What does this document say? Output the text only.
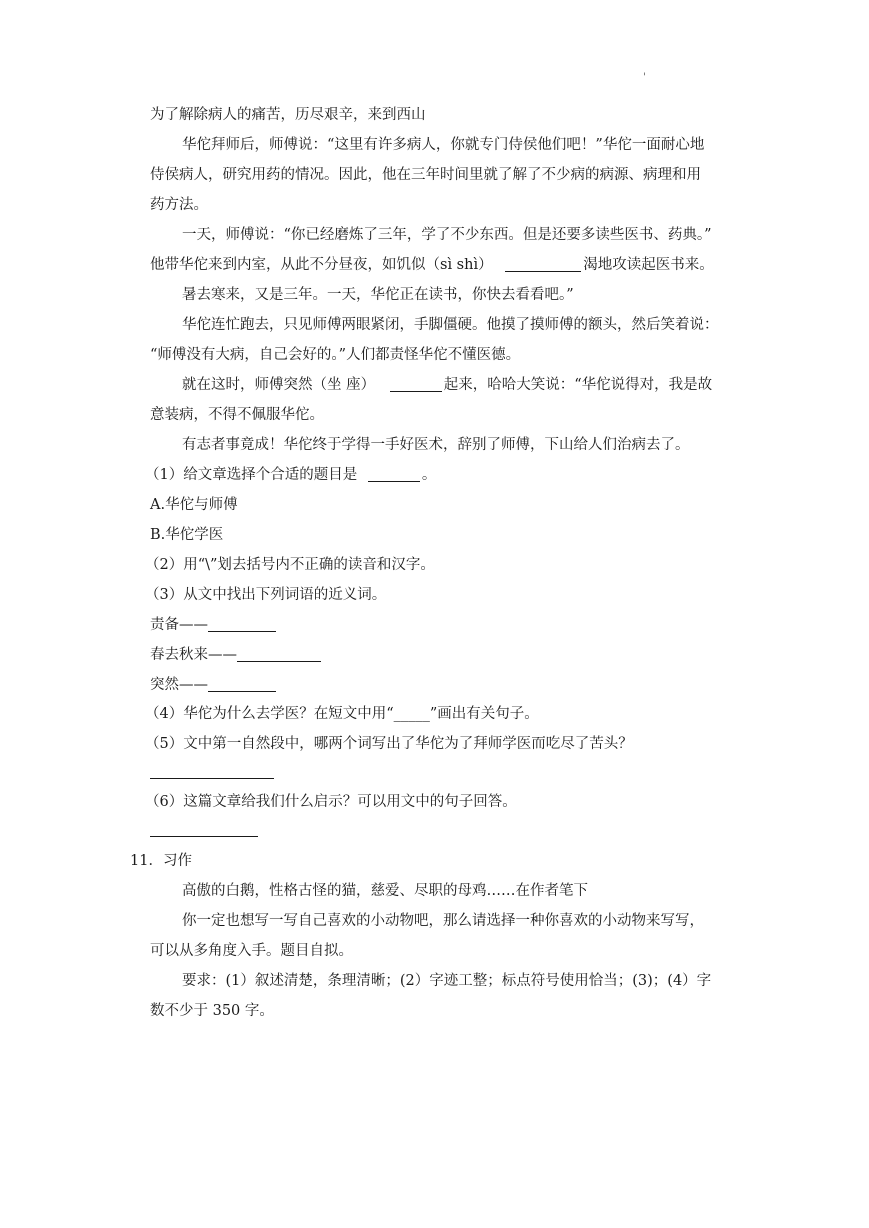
'
为了解除病人的痛苦，历尽艰辛，来到西山
华佗拜师后，师傅说：“这里有许多病人，你就专门侍侯他们吧！”华佗一面耐心地
侍侯病人，研究用药的情况。因此，他在三年时间里就了解了不少病的病源、病理和用
药方法。
一天，师傅说：“你已经磨炼了三年，学了不少东西。但是还要多读些医书、药典。”
他带华佗来到内室，从此不分昼夜，如饥似（sì shì）	渴地攻读起医书来。
暑去寒来，又是三年。一天，华佗正在读书，你快去看看吧。”
华佗连忙跑去，只见师傅两眼紧闭，手脚僵硬。他摸了摸师傅的额头，然后笑着说：
“师傅没有大病，自己会好的。”人们都责怪华佗不懂医德。
就在这时，师傅突然（坐 座）	起来，哈哈大笑说：“华佗说得对，我是故
意装病，不得不佩服华佗。
有志者事竟成！华佗终于学得一手好医术，辞别了师傅，下山给人们治病去了。
（1）给文章选择个合适的题目是	。
A.华佗与师傅
B.华佗学医
（2）用“\”划去括号内不正确的读音和汉字。
（3）从文中找出下列词语的近义词。
责备——
春去秋来——
突然——
（4）华佗为什么去学医？在短文中用“_____”画出有关句子。
（5）文中第一自然段中，哪两个词写出了华佗为了拜师学医而吃尽了苦头？
（6）这篇文章给我们什么启示？可以用文中的句子回答。
11．习作
高傲的白鹅，性格古怪的猫，慈爱、尽职的母鸡……在作者笔下
你一定也想写一写自己喜欢的小动物吧，那么请选择一种你喜欢的小动物来写写，
可以从多角度入手。题目自拟。
要求：(1）叙述清楚，条理清晰；(2）字迹工整；标点符号使用恰当；(3)；(4）字
数不少于 350 字。
